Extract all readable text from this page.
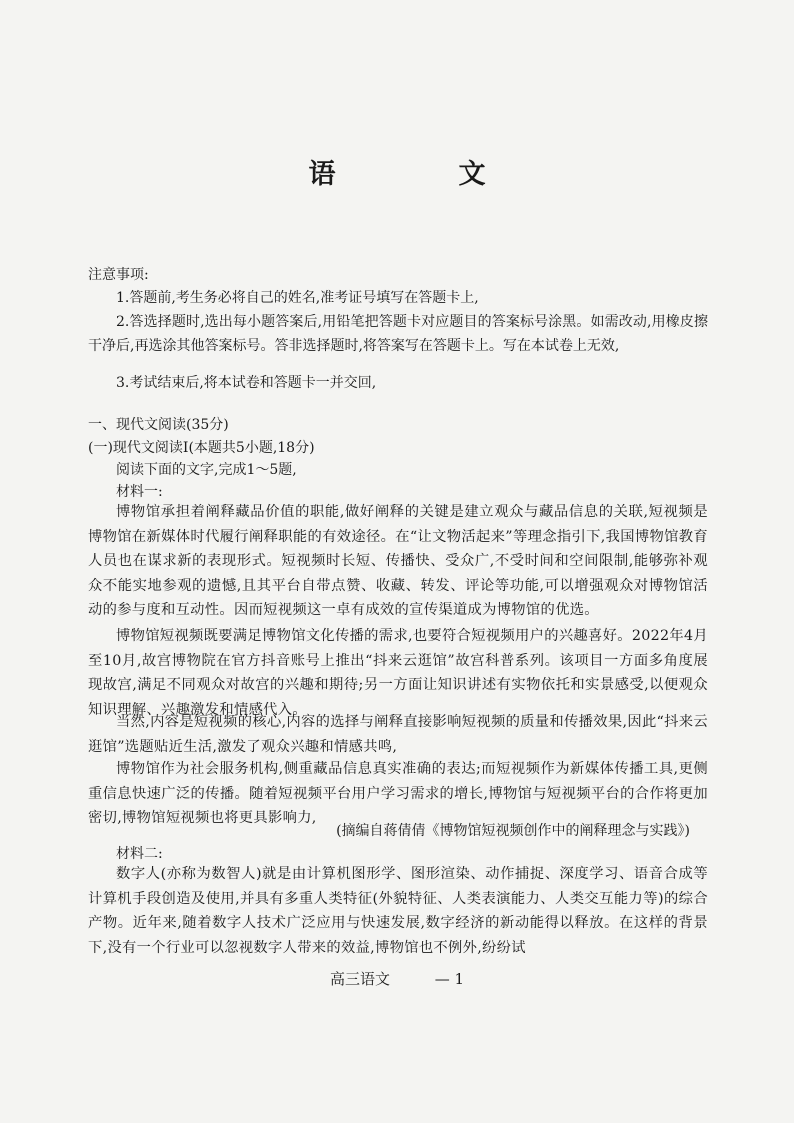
语　文
注意事项:
1.答题前,考生务必将自己的姓名,准考证号填写在答题卡上,
2.答选择题时,选出每小题答案后,用铅笔把答题卡对应题目的答案标号涂黑。如需改动,用橡皮擦干净后,再选涂其他答案标号。答非选择题时,将答案写在答题卡上。写在本试卷上无效,
3.考试结束后,将本试卷和答题卡一并交回,
一、现代文阅读(35分)
(一)现代文阅读Ⅰ(本题共5小题,18分)
阅读下面的文字,完成1～5题,
材料一:
博物馆承担着阐释藏品价值的职能,做好阐释的关键是建立观众与藏品信息的关联,短视频是博物馆在新媒体时代履行阐释职能的有效途径。在“让文物活起来”等理念指引下,我国博物馆教育人员也在谋求新的表现形式。短视频时长短、传播快、受众广,不受时间和空间限制,能够弥补观众不能实地参观的遗憾,且其平台自带点赞、收藏、转发、评论等功能,可以增强观众对博物馆活动的参与度和互动性。因而短视频这一卓有成效的宣传渠道成为博物馆的优选。
博物馆短视频既要满足博物馆文化传播的需求,也要符合短视频用户的兴趣喜好。2022年4月至10月,故宫博物院在官方抖音账号上推出“抖来云逛馆”故宫科普系列。该项目一方面多角度展现故宫,满足不同观众对故宫的兴趣和期待;另一方面让知识讲述有实物依托和实景感受,以便观众知识理解、兴趣激发和情感代入。
当然,内容是短视频的核心,内容的选择与阐释直接影响短视频的质量和传播效果,因此“抖来云逛馆”选题贴近生活,激发了观众兴趣和情感共鸣,
博物馆作为社会服务机构,侧重藏品信息真实准确的表达;而短视频作为新媒体传播工具,更侧重信息快速广泛的传播。随着短视频平台用户学习需求的增长,博物馆与短视频平台的合作将更加密切,博物馆短视频也将更具影响力,
(摘编自蒋倩倩《博物馆短视频创作中的阐释理念与实践》)
材料二:
数字人(亦称为数智人)就是由计算机图形学、图形渲染、动作捕捉、深度学习、语音合成等计算机手段创造及使用,并具有多重人类特征(外貌特征、人类表演能力、人类交互能力等)的综合产物。近年来,随着数字人技术广泛应用与快速发展,数字经济的新动能得以释放。在这样的背景下,没有一个行业可以忽视数字人带来的效益,博物馆也不例外,纷纷试
高三语文	— 1
